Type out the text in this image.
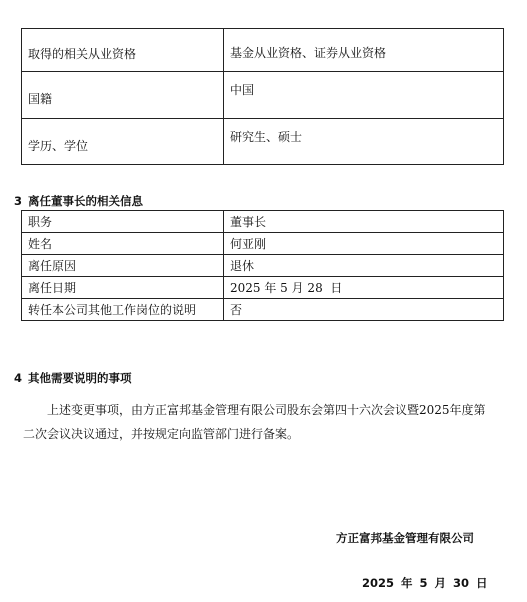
取得的相关从业资格	基金从业资格、证券从业资格
国籍	中国
学历、学位	研究生、硕士
3 离任董事长的相关信息
职务	董事长
姓名	何亚刚
离任原因	退休
离任日期	2025 年 5 月 28  日
转任本公司其他工作岗位的说明	否
4 其他需要说明的事项
上述变更事项，由方正富邦基金管理有限公司股东会第四十六次会议暨2025年度第
二次会议决议通过，并按规定向监管部门进行备案。
方正富邦基金管理有限公司
2025 年 5 月 30 日
